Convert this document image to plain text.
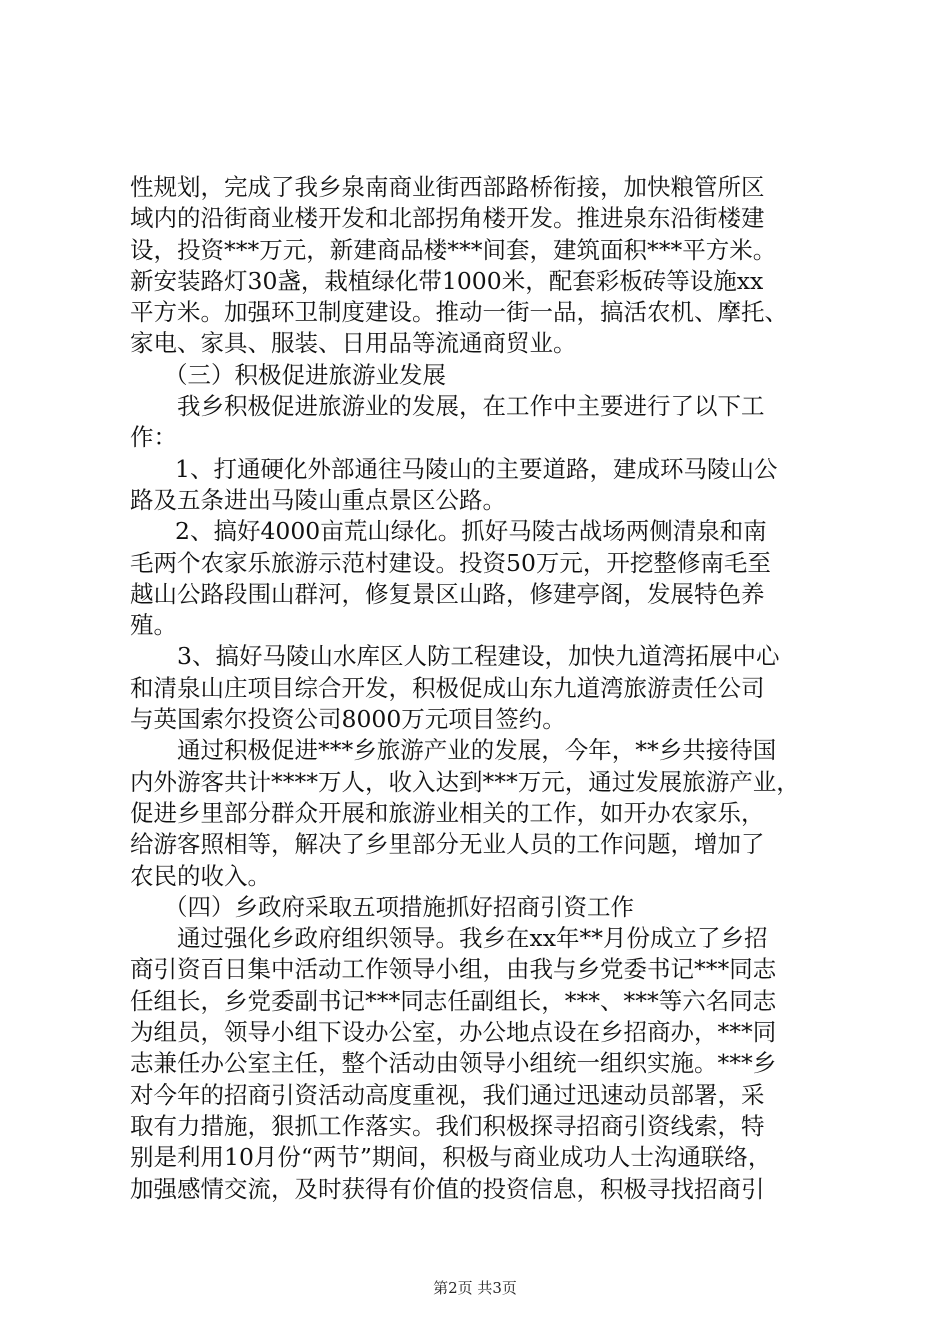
性规划，完成了我乡泉南商业街西部路桥衔接，加快粮管所区
域内的沿街商业楼开发和北部拐角楼开发。推进泉东沿街楼建
设，投资***万元，新建商品楼***间套，建筑面积***平方米。
新安装路灯30盏，栽植绿化带1000米，配套彩板砖等设施xx
平方米。加强环卫制度建设。推动一街一品，搞活农机、摩托、
家电、家具、服装、日用品等流通商贸业。
（三）积极促进旅游业发展
我乡积极促进旅游业的发展，在工作中主要进行了以下工
作：
1、打通硬化外部通往马陵山的主要道路，建成环马陵山公
路及五条进出马陵山重点景区公路。
2、搞好4000亩荒山绿化。抓好马陵古战场两侧清泉和南
毛两个农家乐旅游示范村建设。投资50万元，开挖整修南毛至
越山公路段围山群河，修复景区山路，修建亭阁，发展特色养
殖。
3、搞好马陵山水库区人防工程建设，加快九道湾拓展中心
和清泉山庄项目综合开发，积极促成山东九道湾旅游责任公司
与英国索尔投资公司8000万元项目签约。
通过积极促进***乡旅游产业的发展，今年，**乡共接待国
内外游客共计****万人，收入达到***万元，通过发展旅游产业，
促进乡里部分群众开展和旅游业相关的工作，如开办农家乐，
给游客照相等，解决了乡里部分无业人员的工作问题，增加了
农民的收入。
（四）乡政府采取五项措施抓好招商引资工作
通过强化乡政府组织领导。我乡在xx年**月份成立了乡招
商引资百日集中活动工作领导小组，由我与乡党委书记***同志
任组长，乡党委副书记***同志任副组长，***、***等六名同志
为组员，领导小组下设办公室，办公地点设在乡招商办，***同
志兼任办公室主任，整个活动由领导小组统一组织实施。***乡
对今年的招商引资活动高度重视，我们通过迅速动员部署，采
取有力措施，狠抓工作落实。我们积极探寻招商引资线索，特
别是利用10月份“两节”期间，积极与商业成功人士沟通联络，
加强感情交流，及时获得有价值的投资信息，积极寻找招商引
第2页 共3页
